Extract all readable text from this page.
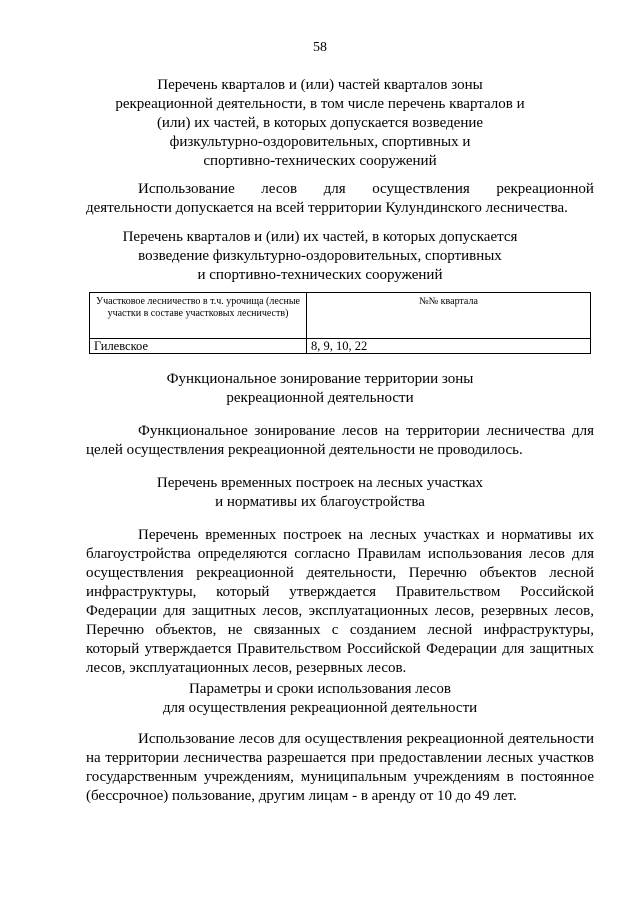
58
Перечень кварталов и (или) частей кварталов зоны
рекреационной деятельности, в том числе перечень кварталов и
(или) их частей, в которых допускается возведение
физкультурно-оздоровительных, спортивных и
спортивно-технических сооружений
Использование лесов для осуществления рекреационной
деятельности допускается на всей территории Кулундинского лесничества.
Перечень кварталов и (или) их частей, в которых допускается
возведение физкультурно-оздоровительных, спортивных
и спортивно-технических сооружений
Участковое лесничество в т.ч. урочища (лесные участки в составе участковых лесничеств)	№№ квартала
Гилевское	8, 9, 10, 22
Функциональное зонирование территории зоны
рекреационной деятельности
Функциональное зонирование лесов на территории лесничества для целей осуществления рекреационной деятельности не проводилось.
Перечень временных построек на лесных участках
и нормативы их благоустройства
Перечень временных построек на лесных участках и нормативы их благоустройства определяются согласно Правилам использования лесов для осуществления рекреационной деятельности, Перечню объектов лесной инфраструктуры, который утверждается Правительством Российской Федерации для защитных лесов, эксплуатационных лесов, резервных лесов, Перечню объектов, не связанных с созданием лесной инфраструктуры, который утверждается Правительством Российской Федерации для защитных лесов, эксплуатационных лесов, резервных лесов.
Параметры и сроки использования лесов
для осуществления рекреационной деятельности
Использование лесов для осуществления рекреационной деятельности на территории лесничества разрешается при предоставлении лесных участков государственным учреждениям, муниципальным учреждениям в постоянное (бессрочное) пользование, другим лицам - в аренду от 10 до 49 лет.
